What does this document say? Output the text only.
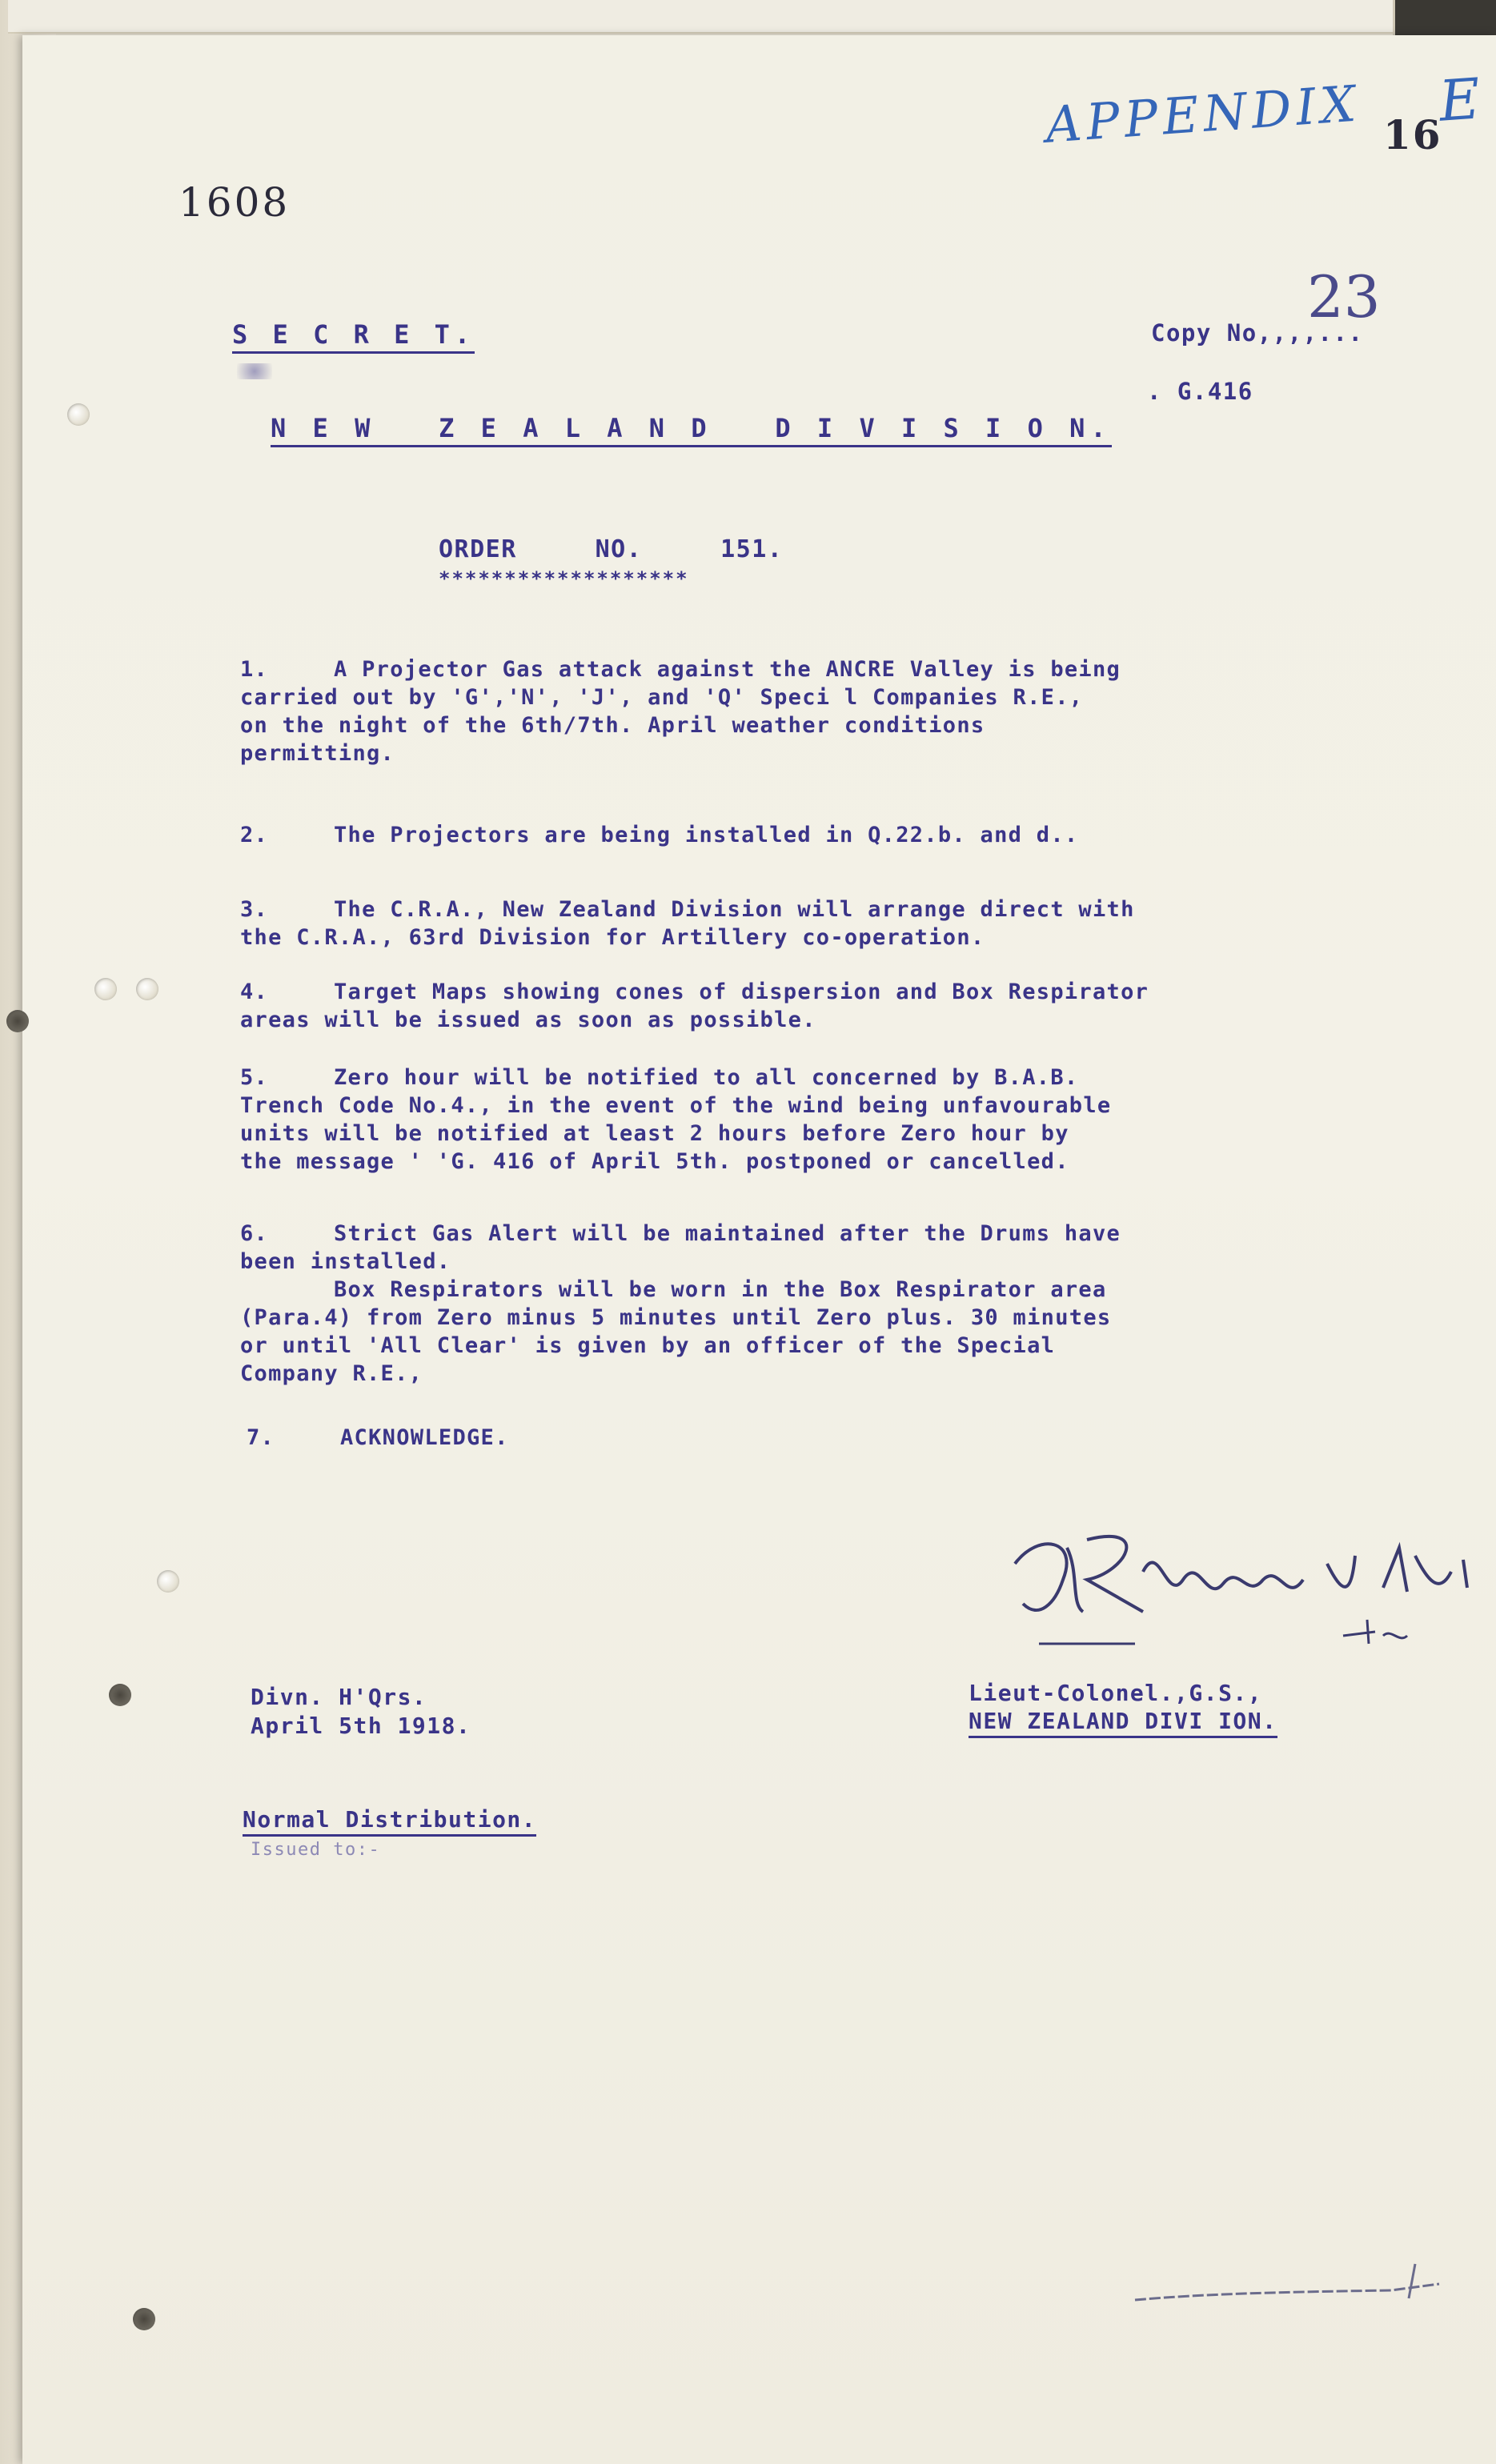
APPENDIX E
16
1608
S E C R E T.	Copy No,,,,...
23
. G.416
N E W   Z E A L A N D   D I V I S I O N.
ORDER     NO.     151.
*******************
1.	A Projector Gas attack against the ANCRE Valley is being
carried out by 'G','N', 'J', and 'Q' Speci l Companies R.E.,
on the night of the 6th/7th. April weather conditions
permitting.
2.	The Projectors are being installed in Q.22.b. and d..
3.	The C.R.A., New Zealand Division will arrange direct with
the C.R.A., 63rd Division for Artillery co-operation.
4.	Target Maps showing cones of dispersion and Box Respirator
areas will be issued as soon as possible.
5.	Zero hour will be notified to all concerned by B.A.B.
Trench Code No.4., in the event of the wind being unfavourable
units will be notified at least 2 hours before Zero hour by
the message ' 'G. 416 of April 5th. postponed or cancelled.
6.	Strict Gas Alert will be maintained after the Drums have
been installed.
Box Respirators will be worn in the Box Respirator area
(Para.4) from Zero minus 5 minutes until Zero plus. 30 minutes
or until 'All Clear' is given by an officer of the Special
Company R.E.,
7.	ACKNOWLEDGE.
Lieut-Colonel.,G.S.,
NEW ZEALAND DIVI ION.
Divn. H'Qrs.
April 5th 1918.
Normal Distribution.
Issued to:-
